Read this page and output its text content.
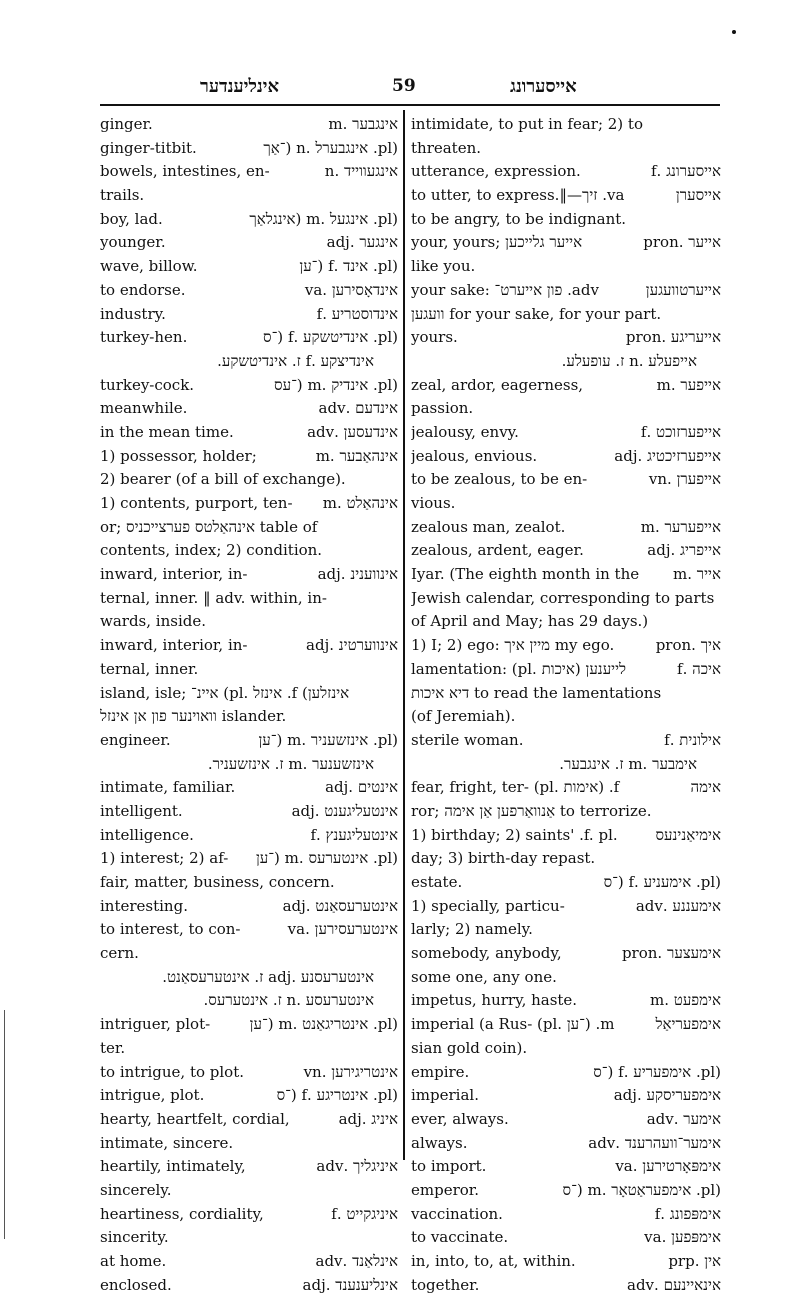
אינליענדער	59	אייסערונג
ginger.	אינגבער .m
ginger-titbit.	(pl. אינגבערל .n (־אַך
bowels, intestines, en-	אינגעווייד .n
trails.
boy, lad.	(pl. אינגעל .m (אינגלאַך
younger.	אינגער .adj
wave, billow.	(pl. אינד .f (־ען
to endorse.	אינדאָסירען .va
industry.	אינדוסטריע .f
turkey-hen.	(pl. אינדיטשקע .f (־ס
אינדיצקע .f ז. אינדיטשקע.
turkey-cock.	(pl. אינדיק .m (־עס
meanwhile.	אינדעם .adv
in the mean time.	אינדעסען .adv
1) possessor, holder;	אינהאַבער .m
2) bearer (of a bill of exchange).
1) contents, purport, ten- אינהאַלט .m
or; אינהאַלטס פערצייכניס table of
contents, index; 2) condition.
inward, interior, in-	אינווענינ .adj
ternal, inner. ‖ adv. within, in-
wards, inside.
inward, interior, in-	אינווערטינ .adj
ternal, inner.
island, isle; איינ־ (pl. אינזל .f (אינזלען
וואוינער פון אן אינזל islander.
engineer.	(pl. אינזשעניר .m (־ען
אינזשענער .m ז. אינזשעניר.
intimate, familiar.	אינטים .adj
intelligent.	אינטעליגענט .adj
intelligence.	אינטעליגענץ .f
1) interest; 2) af- (pl. אינטערעס .m (־ען
fair, matter, business, concern.
interesting.	אינטערעסאַנט .adj
to interest, to con-	אינטערעסירען .va
cern.
אינטערעסנע .adj ז. אינטערעסאַנט.
אינטערעסע .n ז. אינטערעס.
intriguer, plot-	(pl. אינטריגאַנט .m (־ען
ter.
to intrigue, to plot.	אינטריגירען .vn
intrigue, plot.	(pl. אינטריגע .f (־ס
hearty, heartfelt, cordial,	איניג .adj
intimate, sincere.
heartily, intimately,	איניגליך .adv
sincerely.
heartiness, cordiality,	איניגקייט .f
sincerity.
at home.	אינלאַנד .adv
enclosed.	אינליענענד .adj
intimidate, to put in fear; 2) to
threaten.
utterance, expression.	אייסערונג .f
to utter, to express.‖—זיך .va	אייסערן
to be angry, to be indignant.
your, yours; אייער גלייכען	אייער .pron
like you.
your sake: פון אייערט־ .adv	אייערטוועגען
וועגען for your sake, for your part.
yours.	אייעריגע .pron
אייפעלע .n ז. עופעלע.
zeal, ardor, eagerness,	אייפער .m
passion.
jealousy, envy.	אייפערזוכט .f
jealous, envious.	אייפערזיכטיג .adj
to be zealous, to be en-	אייפערן .vn
vious.
zealous man, zealot.	אייפערער .m
zealous, ardent, eager.	אייפריג .adj
Iyar. (The eighth month in the אייר .m
Jewish calendar, corresponding to parts
of April and May; has 29 days.)
1) I; 2) ego: מיין איך my ego.	איך .pron
lamentation: (pl. איכות) לייענען	איכה .f
דיא איכות to read the lamentations
(of Jeremiah).
sterile woman.	אילונית .f
אימבער .m ז. אינגבער.
fear, fright, ter- (pl. אימות) .f	אימה
ror; אַנוואַרפען אַן אימה to terrorize.
1) birthday; 2) saints' .f. pl.	אימיאַנינעס
day; 3) birth-day repast.
estate.	(pl. אימעניע .f (־ס
1) specially, particu-	אימעננע .adv
larly; 2) namely.
somebody, anybody,	אימעצער .pron
some one, any one.
impetus, hurry, haste.	אימפעט .m
imperial (a Rus- (pl. ־ען) .m	אימפעריאַל
sian gold coin).
empire.	(pl. אימפעריע .f (־ס
imperial.	אימפעריסקע .adj
ever, always.	אימער .adv
always.	אימער־וועהרענד .adv
to import.	אימפּאָרטירען .va
emperor.	(pl. אימפעראַטאָר .m (־ס
vaccination.	אימפּפונג .f
to vaccinate.	אימפּפען .va
in, into, to, at, within.	אין .prp
together.	אינאיינעם .adv
